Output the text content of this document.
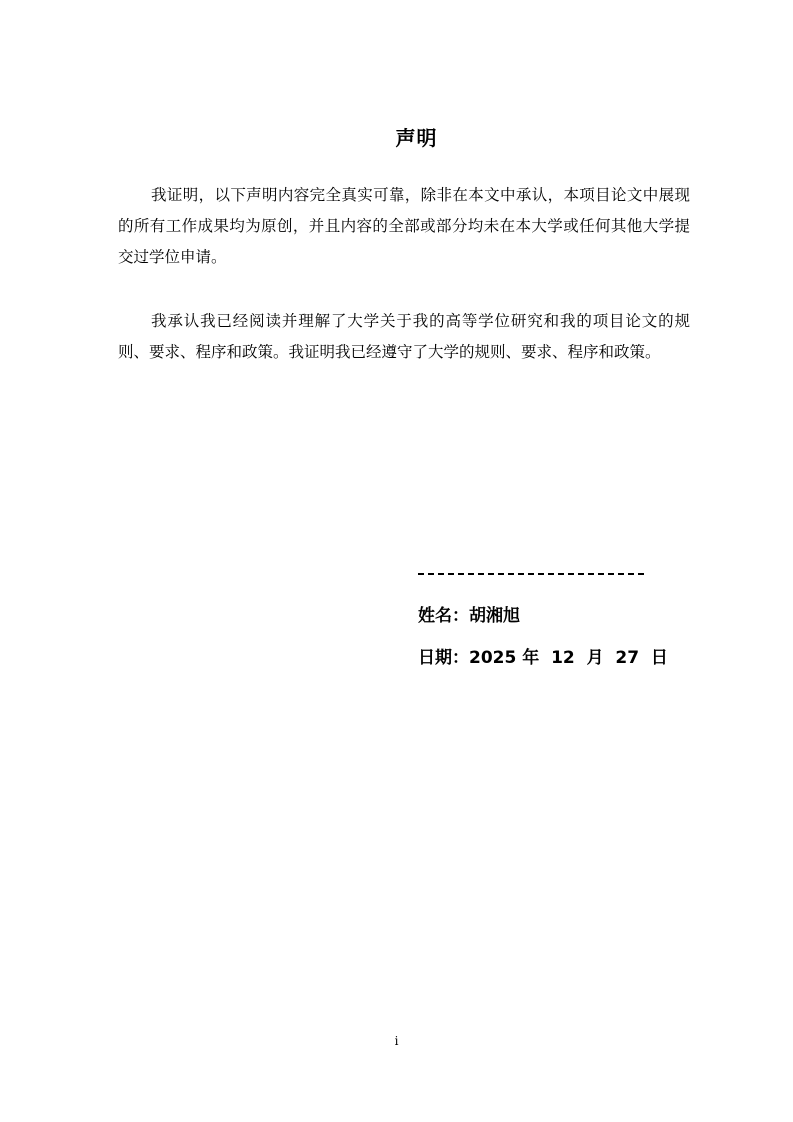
声明

我证明，以下声明内容完全真实可靠，除非在本文中承认，本项目论文中展现的所有工作成果均为原创，并且内容的全部或部分均未在本大学或任何其他大学提交过学位申请。

我承认我已经阅读并理解了大学关于我的高等学位研究和我的项目论文的规则、要求、程序和政策。我证明我已经遵守了大学的规则、要求、程序和政策。

姓名：胡湘旭
日期：2025 年  12  月  27  日
i
